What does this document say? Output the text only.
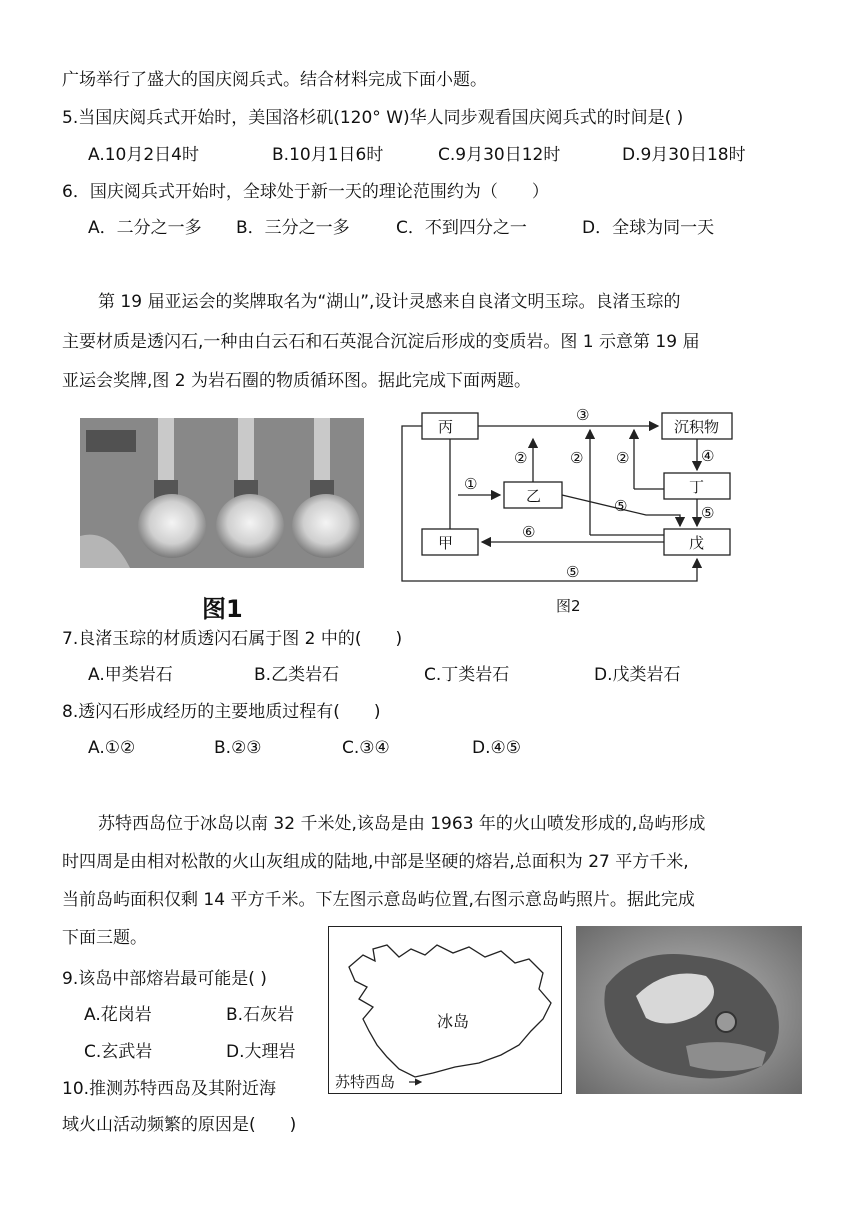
广场举行了盛大的国庆阅兵式。结合材料完成下面小题。
5.当国庆阅兵式开始时，美国洛杉矶(120° W)华人同步观看国庆阅兵式的时间是( )
A.10月2日4时	B.10月1日6时	C.9月30日12时	D.9月30日18时
6．国庆阅兵式开始时，全球处于新一天的理论范围约为（　　）
A．二分之一多 B．三分之一多	C．不到四分之一	D．全球为同一天
第 19 届亚运会的奖牌取名为“湖山”,设计灵感来自良渚文明玉琮。良渚玉琮的
主要材质是透闪石,一种由白云石和石英混合沉淀后形成的变质岩。图 1 示意第 19 届
亚运会奖牌,图 2 为岩石圈的物质循环图。据此完成下面两题。
图1
丙	沉积物
乙	丁
甲	戊
③
④
⑤
②	② ②
①
⑤
⑥
⑤
图2
7.良渚玉琮的材质透闪石属于图 2 中的(　　)
A.甲类岩石	B.乙类岩石	C.丁类岩石	D.戊类岩石
8.透闪石形成经历的主要地质过程有(　　)
A.①②	B.②③	C.③④	D.④⑤
苏特西岛位于冰岛以南 32 千米处,该岛是由 1963 年的火山喷发形成的,岛屿形成
时四周是由相对松散的火山灰组成的陆地,中部是坚硬的熔岩,总面积为 27 平方千米,
当前岛屿面积仅剩 14 平方千米。下左图示意岛屿位置,右图示意岛屿照片。据此完成
下面三题。
冰岛
苏特西岛
9.该岛中部熔岩最可能是( )
A.花岗岩	B.石灰岩
C.玄武岩	D.大理岩
10.推测苏特西岛及其附近海
域火山活动频繁的原因是(　　)
